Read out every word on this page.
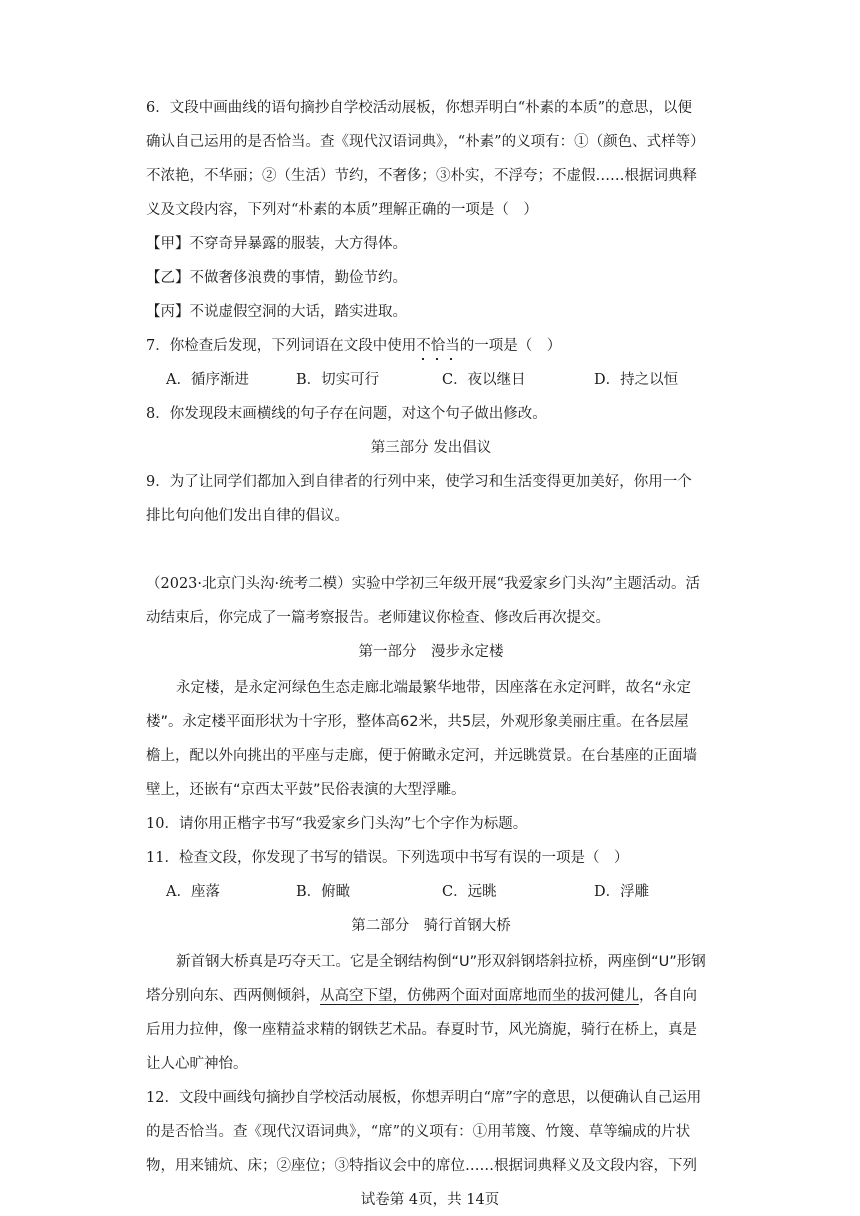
6．文段中画曲线的语句摘抄自学校活动展板，你想弄明白“朴素的本质”的意思，以便
确认自己运用的是否恰当。查《现代汉语词典》，“朴素”的义项有：①（颜色、式样等）
不浓艳，不华丽；②（生活）节约，不奢侈；③朴实，不浮夸；不虚假……根据词典释
义及文段内容，下列对“朴素的本质”理解正确的一项是（　）
【甲】不穿奇异暴露的服装，大方得体。
【乙】不做奢侈浪费的事情，勤俭节约。
【丙】不说虚假空洞的大话，踏实进取。
7．你检查后发现，下列词语在文段中使用不恰当的一项是（　）
A．循序渐进	B．切实可行	C．夜以继日	D．持之以恒
8．你发现段末画横线的句子存在问题，对这个句子做出修改。
第三部分 发出倡议
9．为了让同学们都加入到自律者的行列中来，使学习和生活变得更加美好，你用一个
排比句向他们发出自律的倡议。
（2023·北京门头沟·统考二模）实验中学初三年级开展“我爱家乡门头沟”主题活动。活
动结束后，你完成了一篇考察报告。老师建议你检查、修改后再次提交。
第一部分　漫步永定楼
永定楼，是永定河绿色生态走廊北端最繁华地带，因座落在永定河畔，故名“永定
楼”。永定楼平面形状为十字形，整体高62米，共5层，外观形象美丽庄重。在各层屋
檐上，配以外向挑出的平座与走廊，便于俯瞰永定河，并远眺赏景。在台基座的正面墙
壁上，还嵌有“京西太平鼓”民俗表演的大型浮雕。
10．请你用正楷字书写“我爱家乡门头沟”七个字作为标题。
11．检查文段，你发现了书写的错误。下列选项中书写有误的一项是（　）
A．座落	B．俯瞰	C．远眺	D．浮雕
第二部分　骑行首钢大桥
新首钢大桥真是巧夺天工。它是全钢结构倒“U”形双斜钢塔斜拉桥，两座倒“U”形钢
塔分别向东、西两侧倾斜，从高空下望，仿佛两个面对面席地而坐的拔河健儿，各自向
后用力拉伸，像一座精益求精的钢铁艺术品。春夏时节，风光旖旎，骑行在桥上，真是
让人心旷神怡。
12．文段中画线句摘抄自学校活动展板，你想弄明白“席”字的意思，以便确认自己运用
的是否恰当。查《现代汉语词典》，“席”的义项有：①用苇篾、竹篾、草等编成的片状
物，用来铺炕、床；②座位；③特指议会中的席位……根据词典释义及文段内容，下列
试卷第 4页，共 14页
